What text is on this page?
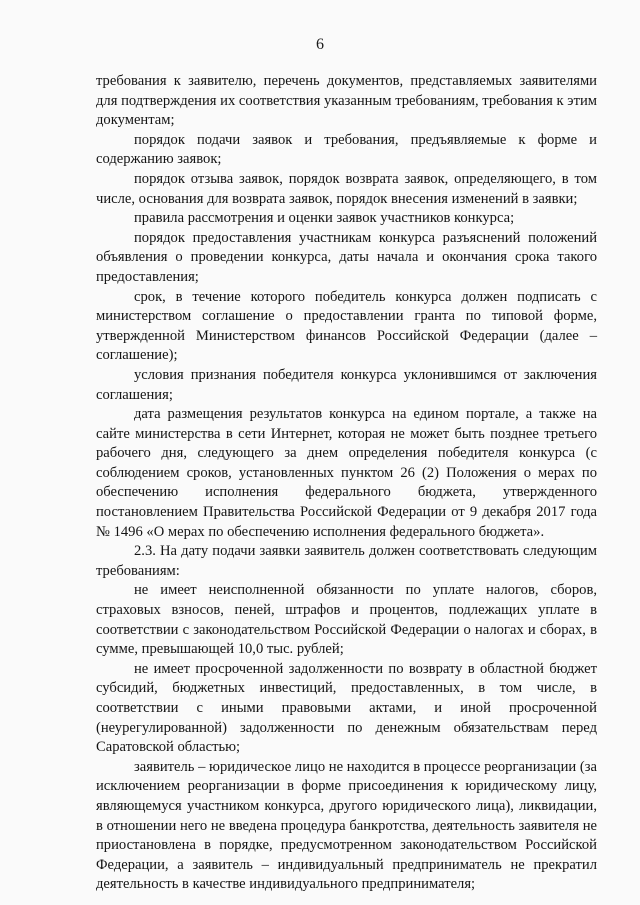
6

требования к заявителю, перечень документов, представляемых заявителями для подтверждения их соответствия указанным требованиям, требования к этим документам;

порядок подачи заявок и требования, предъявляемые к форме и содержанию заявок;

порядок отзыва заявок, порядок возврата заявок, определяющего, в том числе, основания для возврата заявок, порядок внесения изменений в заявки;

правила рассмотрения и оценки заявок участников конкурса;

порядок предоставления участникам конкурса разъяснений положений объявления о проведении конкурса, даты начала и окончания срока такого предоставления;

срок, в течение которого победитель конкурса должен подписать с министерством соглашение о предоставлении гранта по типовой форме, утвержденной Министерством финансов Российской Федерации (далее – соглашение);

условия признания победителя конкурса уклонившимся от заключения соглашения;

дата размещения результатов конкурса на едином портале, а также на сайте министерства в сети Интернет, которая не может быть позднее третьего рабочего дня, следующего за днем определения победителя конкурса (с соблюдением сроков, установленных пунктом 26 (2) Положения о мерах по обеспечению исполнения федерального бюджета, утвержденного постановлением Правительства Российской Федерации от 9 декабря 2017 года № 1496 «О мерах по обеспечению исполнения федерального бюджета».

2.3. На дату подачи заявки заявитель должен соответствовать следующим требованиям:

не имеет неисполненной обязанности по уплате налогов, сборов, страховых взносов, пеней, штрафов и процентов, подлежащих уплате в соответствии с законодательством Российской Федерации о налогах и сборах, в сумме, превышающей 10,0 тыс. рублей;

не имеет просроченной задолженности по возврату в областной бюджет субсидий, бюджетных инвестиций, предоставленных, в том числе, в соответствии с иными правовыми актами, и иной просроченной (неурегулированной) задолженности по денежным обязательствам перед Саратовской областью;

заявитель – юридическое лицо не находится в процессе реорганизации (за исключением реорганизации в форме присоединения к юридическому лицу, являющемуся участником конкурса, другого юридического лица), ликвидации, в отношении него не введена процедура банкротства, деятельность заявителя не приостановлена в порядке, предусмотренном законодательством Российской Федерации, а заявитель – индивидуальный предприниматель не прекратил деятельность в качестве индивидуального предпринимателя;
